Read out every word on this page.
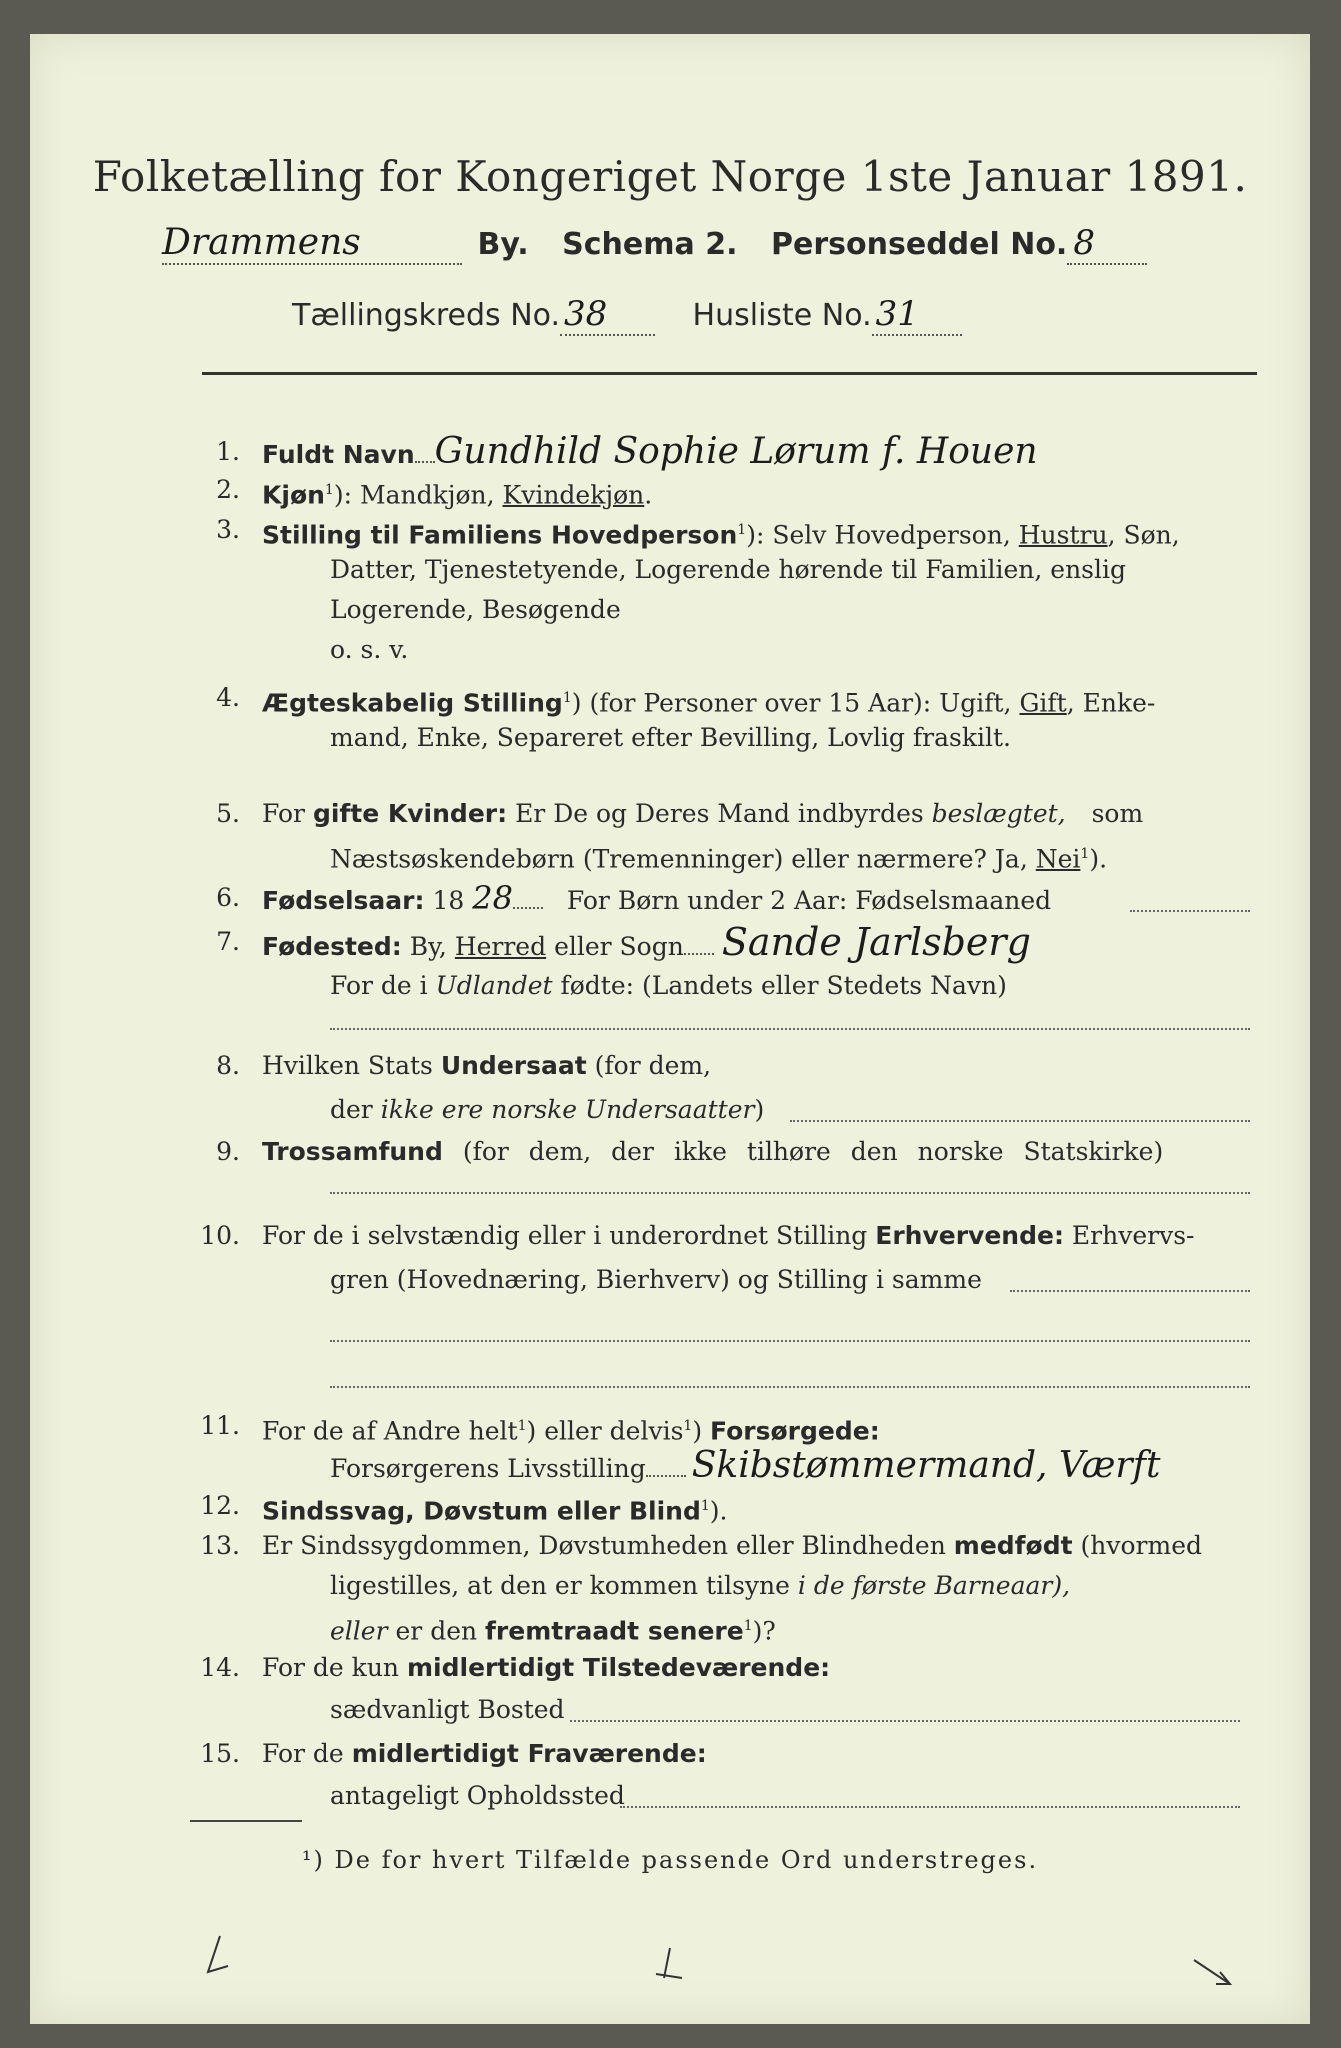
Folketælling for Kongeriget Norge 1ste Januar 1891.
Drammens	By. Schema 2. Personseddel No. 8
Tællingskreds No. 38	Husliste No. 31
1. Fuldt Navn Gundhild Sophie Lørum f. Houen
2. Kjøn$^1$): Mandkjøn, Kvindekjøn.
3. Stilling til Familiens Hovedperson$^1$): Selv Hovedperson, Hustru, Søn,
Datter, Tjenestetyende, Logerende hørende til Familien, enslig
Logerende, Besøgende
o. s. v.
4. Ægteskabelig Stilling$^1$) (for Personer over 15 Aar): Ugift, Gift, Enke-
mand, Enke, Separeret efter Bevilling, Lovlig fraskilt.
5. For gifte Kvinder: Er De og Deres Mand indbyrdes beslægtet, som
Næstsøskendebørn (Tremenninger) eller nærmere? Ja, Nei$^1$).
6. Fødselsaar: 18 28 For Børn under 2 Aar: Fødselsmaaned
7. Fødested: By, Herred eller Sogn Sande Jarlsberg
For de i Udlandet fødte: (Landets eller Stedets Navn)
8. Hvilken Stats Undersaat (for dem,
der ikke ere norske Undersaatter)
9. Trossamfund (for dem, der ikke tilhøre den norske Statskirke)
10. For de i selvstændig eller i underordnet Stilling Erhvervende: Erhvervs-
gren (Hovednæring, Bierhverv) og Stilling i samme
11. For de af Andre helt$^1$) eller delvis$^1$) Forsørgede:
Forsørgerens Livsstilling Skibstømmermand, Værft
12. Sindssvag, Døvstum eller Blind$^1$).
13. Er Sindssygdommen, Døvstumheden eller Blindheden medfødt (hvormed
ligestilles, at den er kommen tilsyne i de første Barneaar),
eller er den fremtraadt senere$^1$)?
14. For de kun midlertidigt Tilstedeværende:
sædvanligt Bosted
15. For de midlertidigt Fraværende:
antageligt Opholdssted
¹) De for hvert Tilfælde passende Ord understreges.
